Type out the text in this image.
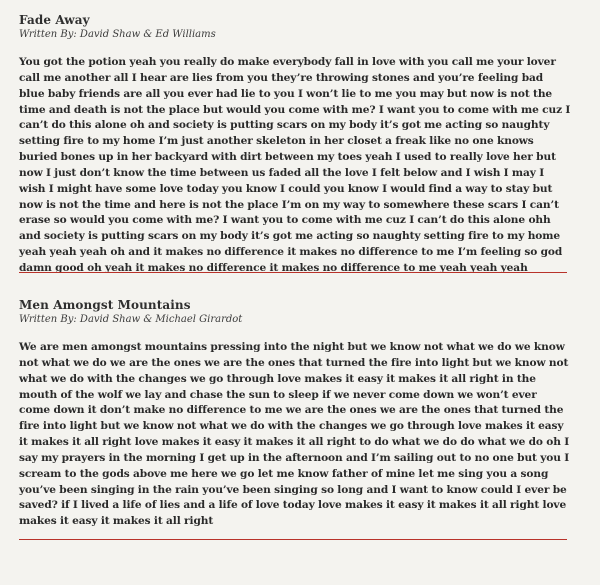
Fade Away

Written By: David Shaw & Ed Williams

You got the potion yeah you really do make everybody fall in love with you call me your lover call me another all I hear are lies from you they’re throwing stones and you’re feeling bad blue baby friends are all you ever had lie to you I won’t lie to me you may but now is not the time and death is not the place but would you come with me? I want you to come with me cuz I can’t do this alone oh and society is putting scars on my body it’s got me acting so naughty setting fire to my home I’m just another skeleton in her closet a freak like no one knows buried bones up in her backyard with dirt between my toes yeah I used to really love her but now I just don’t know the time between us faded all the love I felt below and I wish I may I wish I might have some love today you know I could you know I would find a way to stay but now is not the time and here is not the place I’m on my way to somewhere these scars I can’t erase so would you come with me? I want you to come with me cuz I can’t do this alone ohh and society is putting scars on my body it’s got me acting so naughty setting fire to my home yeah yeah yeah oh and it makes no difference it makes no difference to me I’m feeling so god damn good oh yeah it makes no difference it makes no difference to me yeah yeah yeah

Men Amongst Mountains

Written By: David Shaw & Michael Girardot

We are men amongst mountains pressing into the night but we know not what we do we know not what we do we are the ones we are the ones that turned the fire into light but we know not what we do with the changes we go through love makes it easy it makes it all right in the mouth of the wolf we lay and chase the sun to sleep if we never come down we won’t ever come down it don’t make no difference to me we are the ones we are the ones that turned the fire into light but we know not what we do with the changes we go through love makes it easy it makes it all right love makes it easy it makes it all right to do what we do do what we do oh I say my prayers in the morning I get up in the afternoon and I’m sailing out to no one but you I scream to the gods above me here we go let me know father of mine let me sing you a song you’ve been singing in the rain you’ve been singing so long and I want to know could I ever be saved? if I lived a life of lies and a life of love today love makes it easy it makes it all right love makes it easy it makes it all right
